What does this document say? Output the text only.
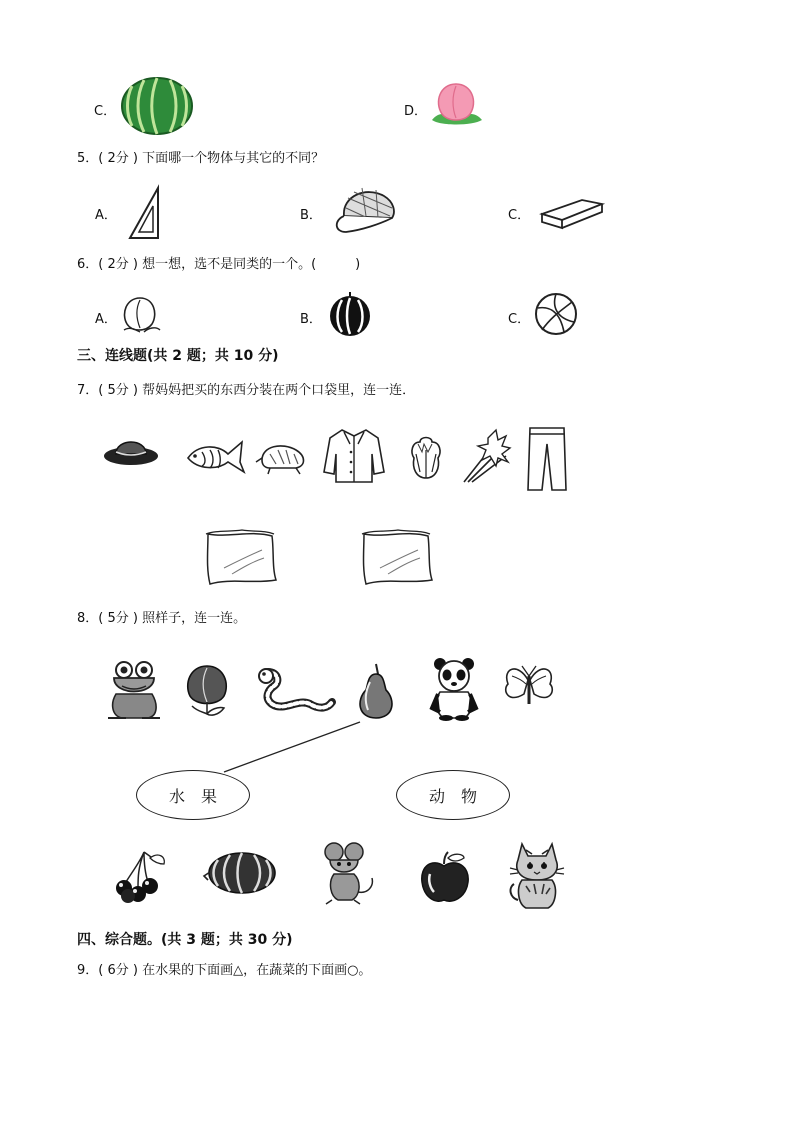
C．	D．
5．( 2分 ) 下面哪一个物体与其它的不同？
A．	B．	C．
6．( 2分 ) 想一想，选不是同类的一个。(　　　)
A．	B．	C．
三、连线题(共 2 题；共 10 分)
7．( 5分 ) 帮妈妈把买的东西分装在两个口袋里，连一连．
8．( 5分 ) 照样子，连一连。
水　果	动　物
四、综合题。(共 3 题；共 30 分)
9．( 6分 ) 在水果的下面画△，在蔬菜的下面画○。
